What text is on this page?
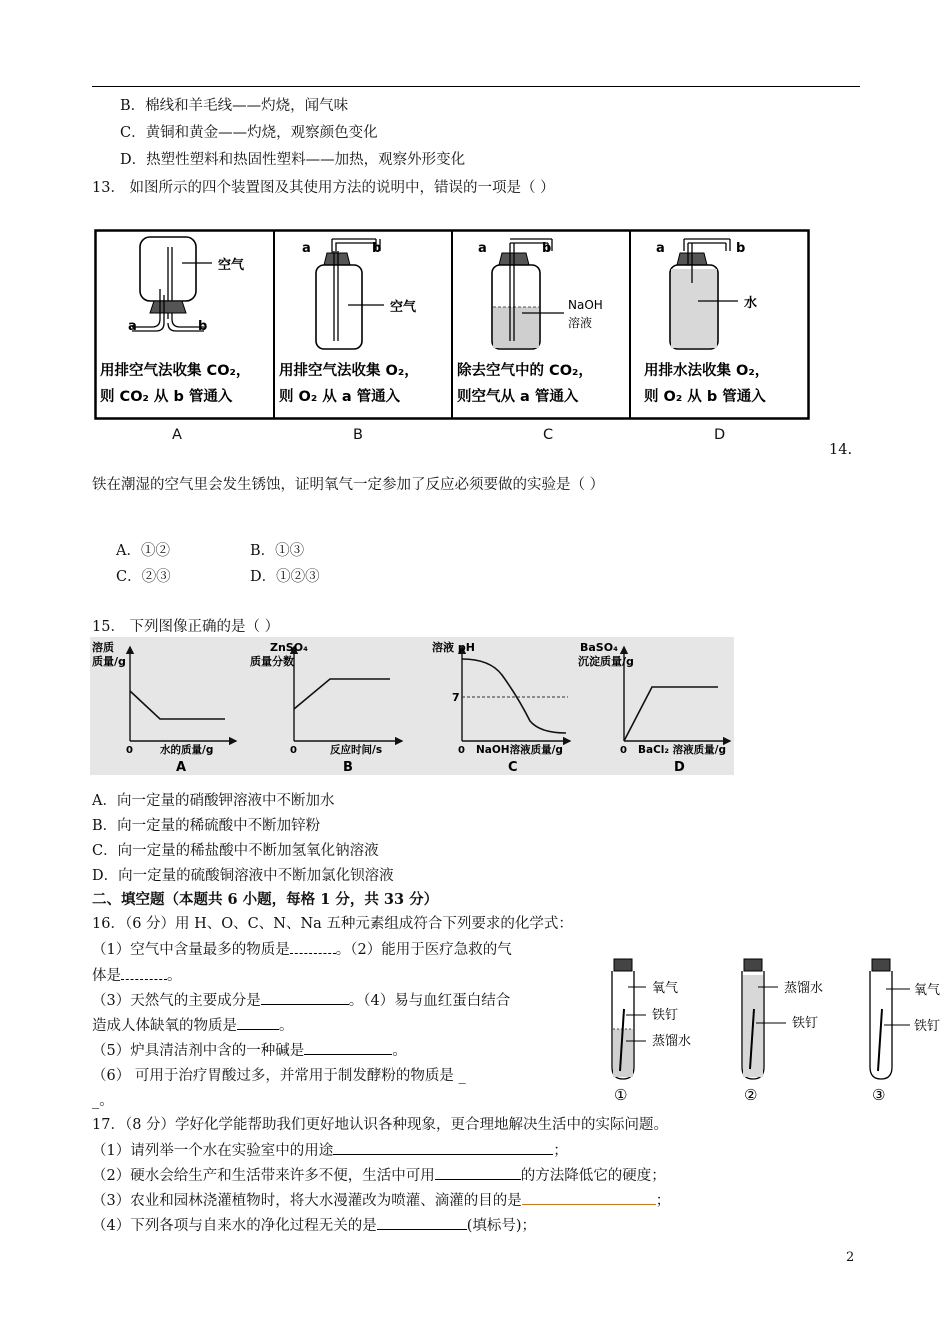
B．棉线和羊毛线——灼烧，闻气味
C．黄铜和黄金——灼烧，观察颜色变化
D．热塑性塑料和热固性塑料——加热，观察外形变化
13． 如图所示的四个装置图及其使用方法的说明中，错误的一项是（ ）
空气
a	b
a	b
空气
a	b
NaOH
溶液
a	b
水
用排空气法收集 CO₂，
则 CO₂ 从 b 管通入
用排空气法收集 O₂，
则 O₂ 从 a 管通入
除去空气中的 CO₂，
则空气从 a 管通入
用排水法收集 O₂，
则 O₂ 从 b 管通入
A	B	C	D
14.
铁在潮湿的空气里会发生锈蚀，证明氧气一定参加了反应必须要做的实验是（ ）
A．①②	B．①③
C．②③	D．①②③
15． 下列图像正确的是（ ）
溶质
质量/g
0	水的质量/g
A
ZnSO₄
质量分数
0	反应时间/s
B
溶液 pH
7
0 NaOH溶液质量/g
C
BaSO₄
沉淀质量/g
0 BaCl₂ 溶液质量/g
D
A．向一定量的硝酸钾溶液中不断加水
B．向一定量的稀硫酸中不断加锌粉
C．向一定量的稀盐酸中不断加氢氧化钠溶液
D．向一定量的硫酸铜溶液中不断加氯化钡溶液
二、填空题（本题共 6 小题，每格 1 分，共 33 分）
16．（6 分）用 H、O、C、N、Na 五种元素组成符合下列要求的化学式：
（1）空气中含量最多的物质是	。（2）能用于医疗急救的气
体是	。
（3）天然气的主要成分是	。（4）易与血红蛋白结合
造成人体缺氧的物质是	。
（5）炉具清洁剂中含的一种碱是	。
（6） 可用于治疗胃酸过多，并常用于制发酵粉的物质是 _
_。
氧气
铁钉
蒸馏水
①
蒸馏水
铁钉
②
氧气
铁钉
③
17．（8 分）学好化学能帮助我们更好地认识各种现象，更合理地解决生活中的实际问题。
（1）请列举一个水在实验室中的用途	；
（2）硬水会给生产和生活带来许多不便，生活中可用	的方法降低它的硬度；
（3）农业和园林浇灌植物时，将大水漫灌改为喷灌、滴灌的目的是	；
（4）下列各项与自来水的净化过程无关的是	(填标号)；
2
